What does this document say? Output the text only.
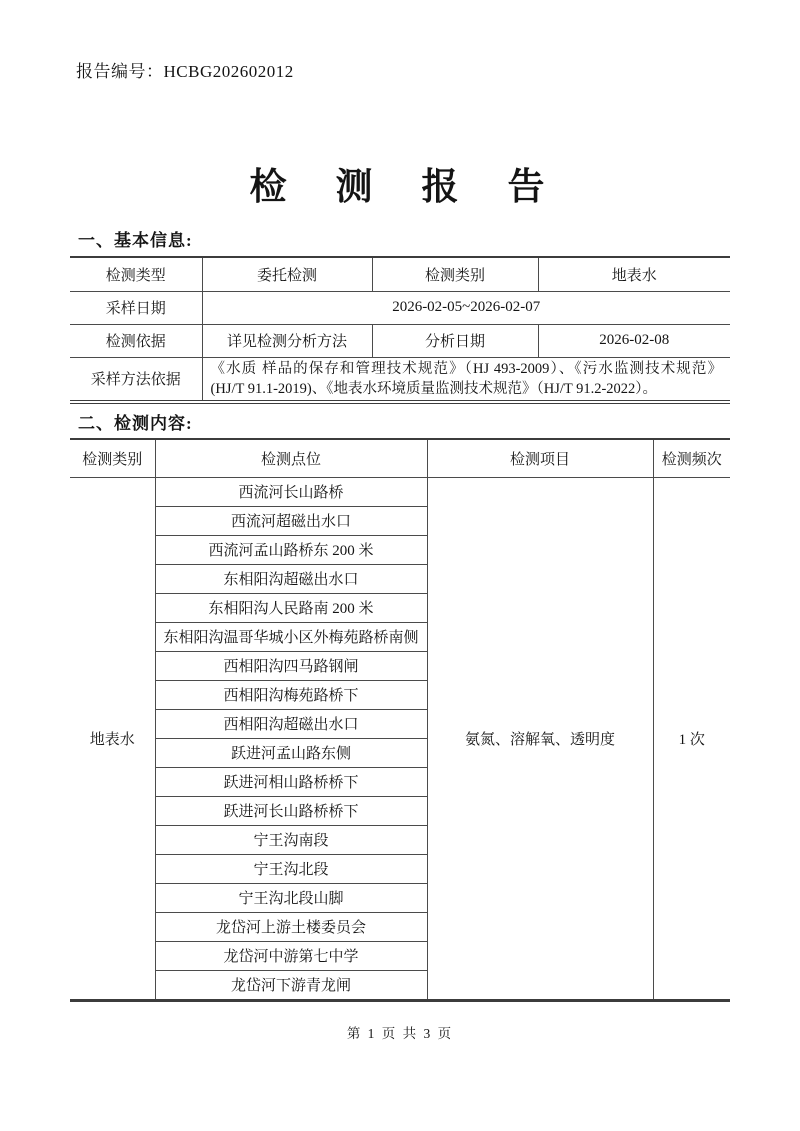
报告编号：HCBG202602012
检　测　报　告
一、基本信息:
检测类型	委托检测	检测类别	地表水
采样日期	2026-02-05~2026-02-07		
检测依据	详见检测分析方法	分析日期	2026-02-08
采样方法依据	《水质 样品的保存和管理技术规范》（HJ 493-2009）、《污水监测技术规范》(HJ/T 91.1-2019)、《地表水环境质量监测技术规范》（HJ/T 91.2-2022）。		
二、检测内容:
检测类别	检测点位	检测项目	检测频次
地表水	西流河长山路桥	氨氮、溶解氧、透明度	1 次
	西流河超磁出水口		
	西流河孟山路桥东 200 米		
	东相阳沟超磁出水口		
	东相阳沟人民路南 200 米		
	东相阳沟温哥华城小区外梅苑路桥南侧		
	西相阳沟四马路钢闸		
	西相阳沟梅苑路桥下		
	西相阳沟超磁出水口		
	跃进河孟山路东侧		
	跃进河相山路桥桥下		
	跃进河长山路桥桥下		
	宁王沟南段		
	宁王沟北段		
	宁王沟北段山脚		
	龙岱河上游土楼委员会		
	龙岱河中游第七中学		
	龙岱河下游青龙闸		
第 1 页 共 3 页
